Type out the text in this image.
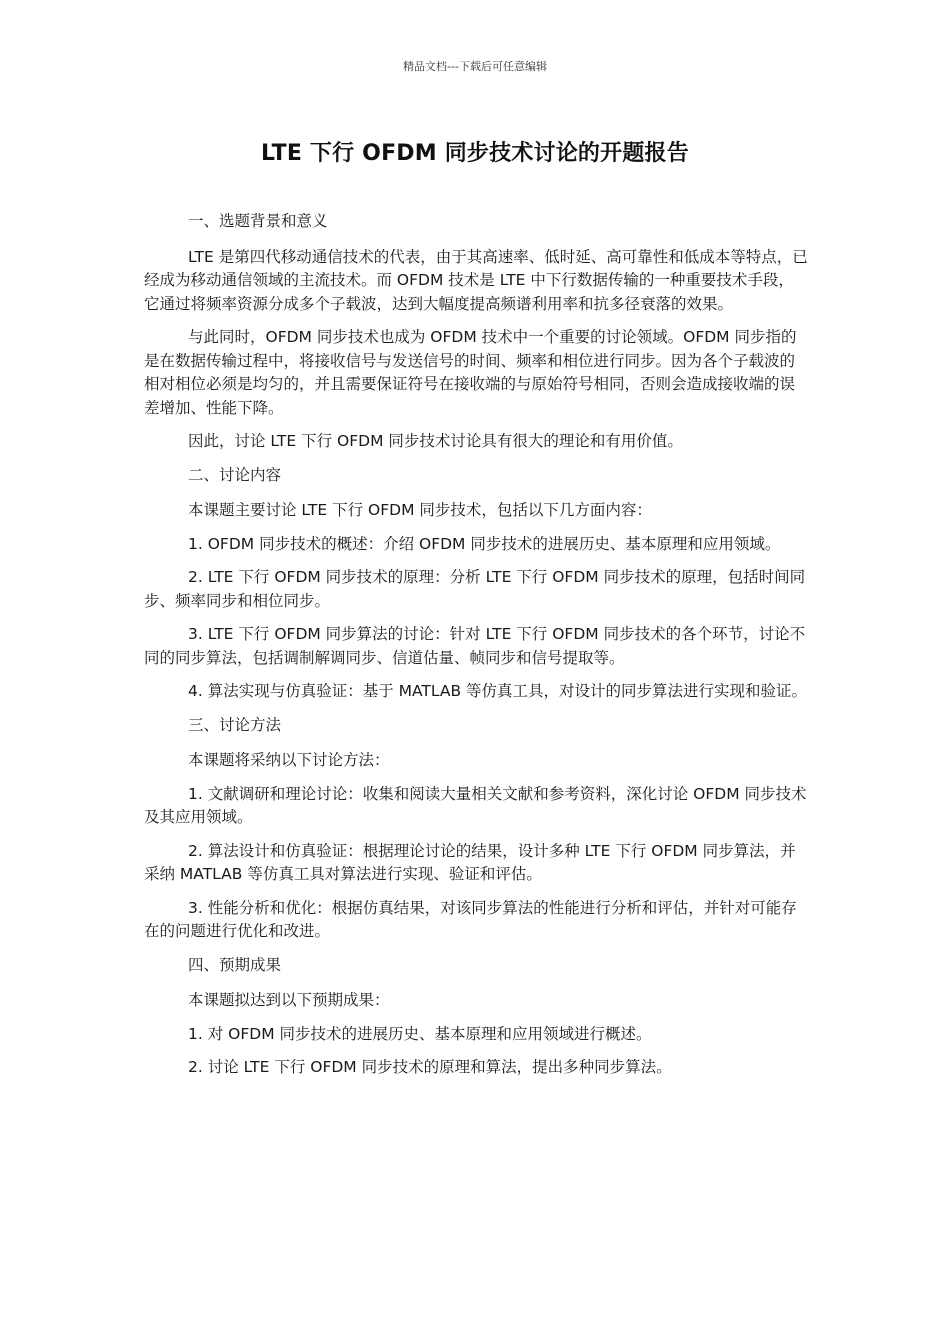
精品文档---下载后可任意编辑
LTE 下行 OFDM 同步技术讨论的开题报告

一、选题背景和意义

LTE 是第四代移动通信技术的代表，由于其高速率、低时延、高可靠性和低成本等特点，已经成为移动通信领域的主流技术。而 OFDM 技术是 LTE 中下行数据传输的一种重要技术手段，它通过将频率资源分成多个子载波，达到大幅度提高频谱利用率和抗多径衰落的效果。

与此同时，OFDM 同步技术也成为 OFDM 技术中一个重要的讨论领域。OFDM 同步指的是在数据传输过程中，将接收信号与发送信号的时间、频率和相位进行同步。因为各个子载波的相对相位必须是均匀的，并且需要保证符号在接收端的与原始符号相同，否则会造成接收端的误差增加、性能下降。

因此，讨论 LTE 下行 OFDM 同步技术讨论具有很大的理论和有用价值。

二、讨论内容

本课题主要讨论 LTE 下行 OFDM 同步技术，包括以下几方面内容：

1. OFDM 同步技术的概述：介绍 OFDM 同步技术的进展历史、基本原理和应用领域。

2. LTE 下行 OFDM 同步技术的原理：分析 LTE 下行 OFDM 同步技术的原理，包括时间同步、频率同步和相位同步。

3. LTE 下行 OFDM 同步算法的讨论：针对 LTE 下行 OFDM 同步技术的各个环节，讨论不同的同步算法，包括调制解调同步、信道估量、帧同步和信号提取等。

4. 算法实现与仿真验证：基于 MATLAB 等仿真工具，对设计的同步算法进行实现和验证。

三、讨论方法

本课题将采纳以下讨论方法：

1. 文献调研和理论讨论：收集和阅读大量相关文献和参考资料，深化讨论 OFDM 同步技术及其应用领域。

2. 算法设计和仿真验证：根据理论讨论的结果，设计多种 LTE 下行 OFDM 同步算法，并采纳 MATLAB 等仿真工具对算法进行实现、验证和评估。

3. 性能分析和优化：根据仿真结果，对该同步算法的性能进行分析和评估，并针对可能存在的问题进行优化和改进。

四、预期成果

本课题拟达到以下预期成果：

1. 对 OFDM 同步技术的进展历史、基本原理和应用领域进行概述。

2. 讨论 LTE 下行 OFDM 同步技术的原理和算法，提出多种同步算法。
